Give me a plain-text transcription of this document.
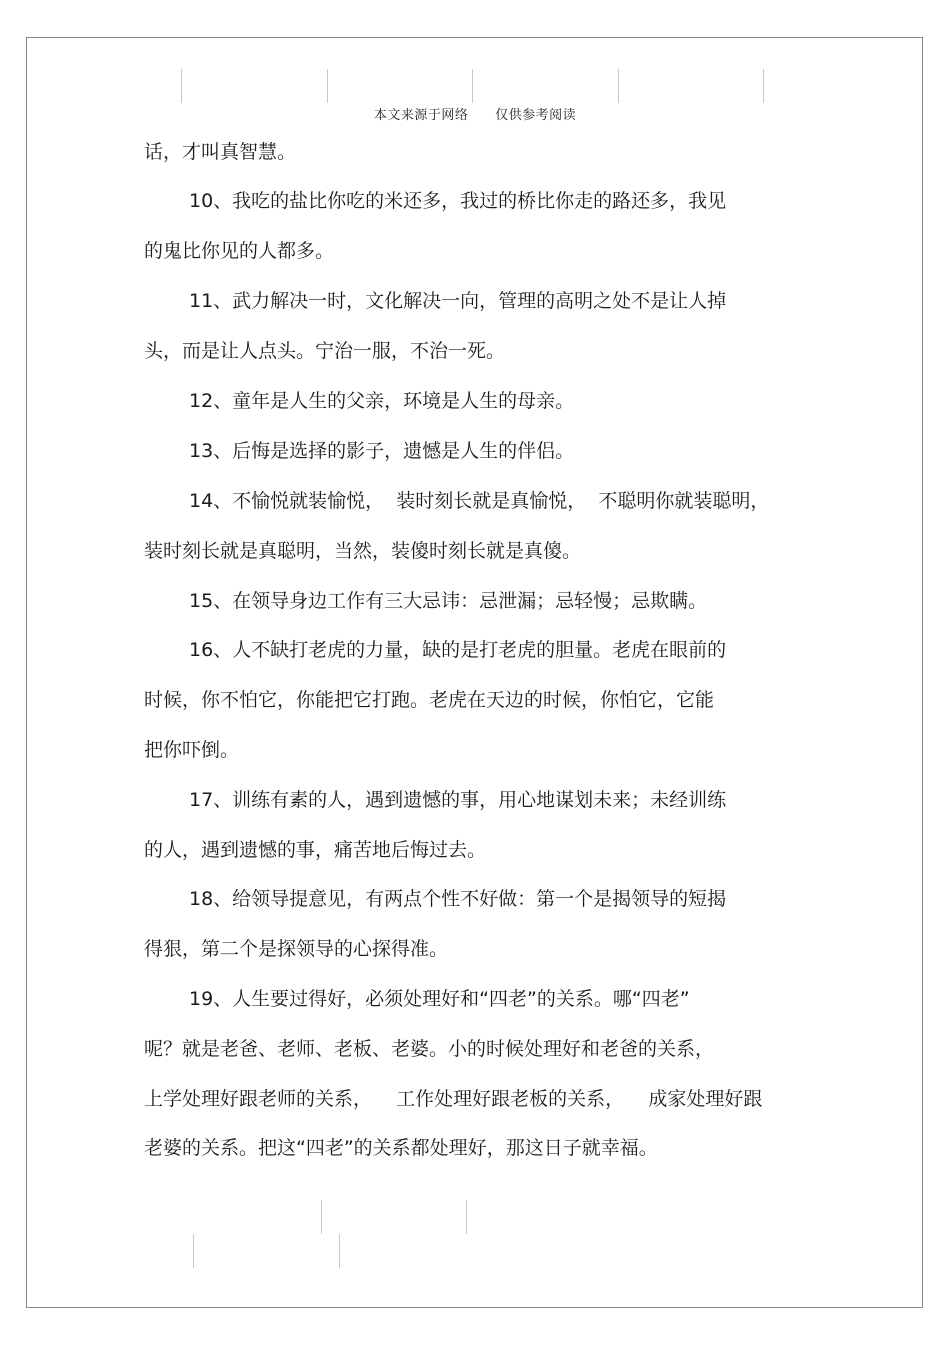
本文来源于网络 仅供参考阅读
话，才叫真智慧。
10、我吃的盐比你吃的米还多，我过的桥比你走的路还多，我见
的鬼比你见的人都多。
11、武力解决一时，文化解决一向，管理的高明之处不是让人掉
头，而是让人点头。宁治一服，不治一死。
12、童年是人生的父亲，环境是人生的母亲。
13、后悔是选择的影子，遗憾是人生的伴侣。
14、不愉悦就装愉悦，  装时刻长就是真愉悦，  不聪明你就装聪明，
装时刻长就是真聪明，当然，装傻时刻长就是真傻。
15、在领导身边工作有三大忌讳：忌泄漏；忌轻慢；忌欺瞒。
16、人不缺打老虎的力量，缺的是打老虎的胆量。老虎在眼前的
时候，你不怕它，你能把它打跑。老虎在天边的时候，你怕它，它能
把你吓倒。
17、训练有素的人，遇到遗憾的事，用心地谋划未来；未经训练
的人，遇到遗憾的事，痛苦地后悔过去。
18、给领导提意见，有两点个性不好做：第一个是揭领导的短揭
得狠，第二个是探领导的心探得准。
19、人生要过得好，必须处理好和“四老”的关系。哪“四老”
呢？就是老爸、老师、老板、老婆。小的时候处理好和老爸的关系，
上学处理好跟老师的关系，    工作处理好跟老板的关系，    成家处理好跟
老婆的关系。把这“四老”的关系都处理好，那这日子就幸福。
